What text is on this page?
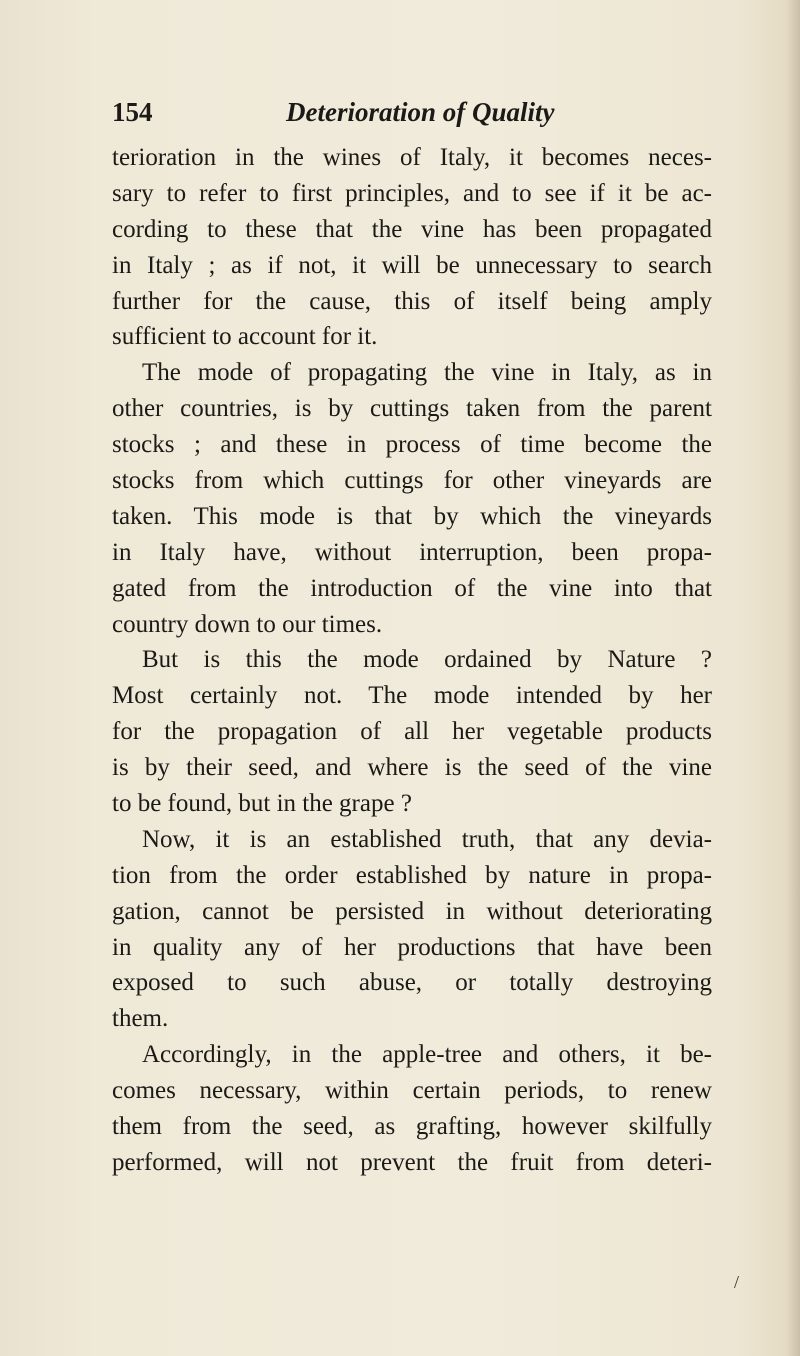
154	Deterioration of Quality
terioration in the wines of Italy, it becomes neces-
sary to refer to first principles, and to see if it be ac-
cording to these that the vine has been propagated
in Italy ; as if not, it will be unnecessary to search
further for the cause, this of itself being amply
sufficient to account for it.
The mode of propagating the vine in Italy, as in
other countries, is by cuttings taken from the parent
stocks ; and these in process of time become the
stocks from which cuttings for other vineyards are
taken. This mode is that by which the vineyards
in Italy have, without interruption, been propa-
gated from the introduction of the vine into that
country down to our times.
But is this the mode ordained by Nature ?
Most certainly not. The mode intended by her
for the propagation of all her vegetable products
is by their seed, and where is the seed of the vine
to be found, but in the grape ?
Now, it is an established truth, that any devia-
tion from the order established by nature in propa-
gation, cannot be persisted in without deteriorating
in quality any of her productions that have been
exposed to such abuse, or totally destroying
them.
Accordingly, in the apple-tree and others, it be-
comes necessary, within certain periods, to renew
them from the seed, as grafting, however skilfully
performed, will not prevent the fruit from deteri-
/
